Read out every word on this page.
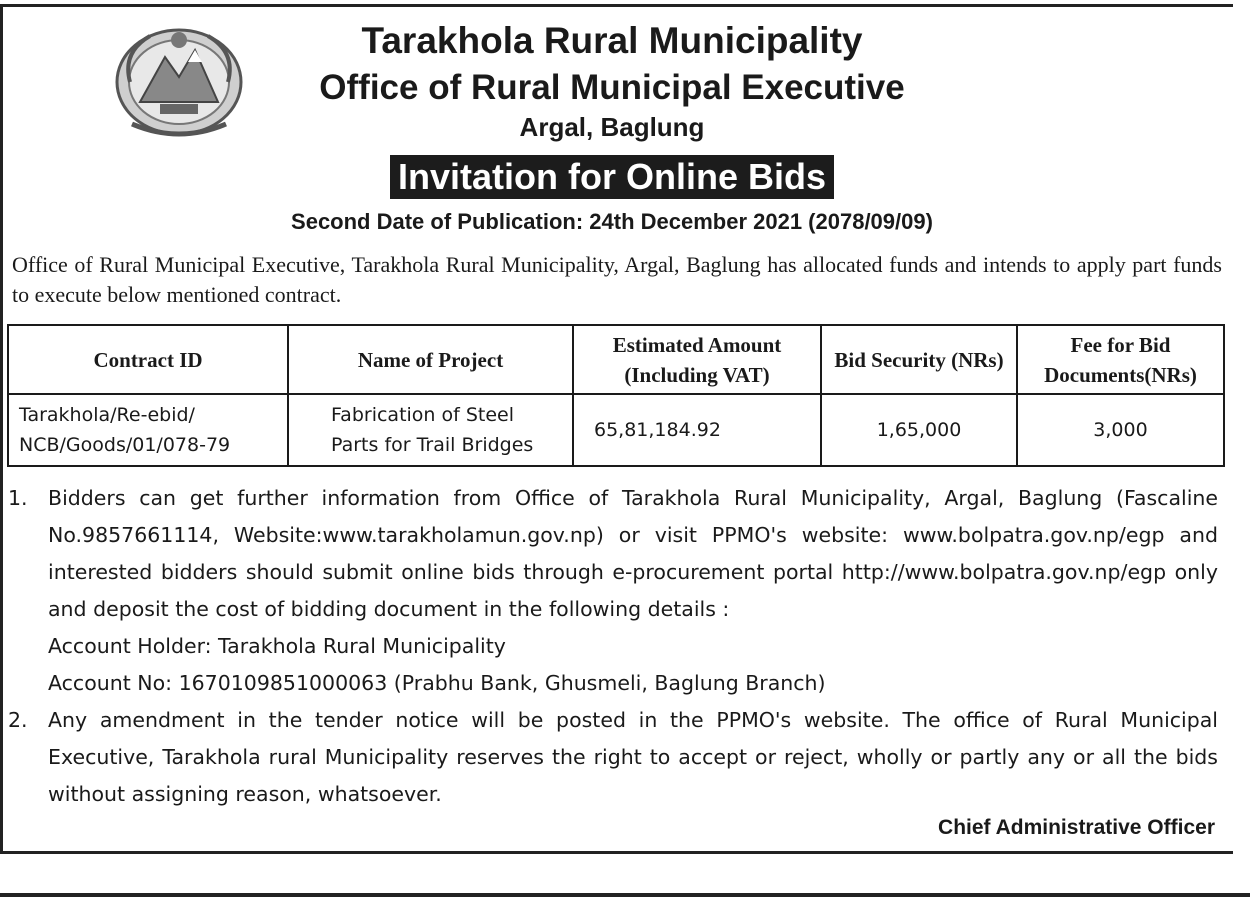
Tarakhola Rural Municipality
Office of Rural Municipal Executive
Argal, Baglung
Invitation for Online Bids
Second Date of Publication: 24th December 2021 (2078/09/09)
Office of Rural Municipal Executive, Tarakhola Rural Municipality, Argal, Baglung has allocated funds and intends to apply part funds to execute below mentioned contract.
Contract ID	Name of Project	Estimated Amount (Including VAT)	Bid Security (NRs)	Fee for Bid Documents(NRs)
Tarakhola/Re-ebid/ NCB/Goods/01/078-79	Fabrication of Steel Parts for Trail Bridges	65,81,184.92	1,65,000	3,000
1. Bidders can get further information from Office of Tarakhola Rural Municipality, Argal, Baglung (Fascaline No.9857661114, Website:www.tarakholamun.gov.np) or visit PPMO's website: www.bolpatra.gov.np/egp and interested bidders should submit online bids through e-procurement portal http://www.bolpatra.gov.np/egp only and deposit the cost of bidding document in the following details :
Account Holder: Tarakhola Rural Municipality
Account No: 1670109851000063 (Prabhu Bank, Ghusmeli, Baglung Branch)
2. Any amendment in the tender notice will be posted in the PPMO's website. The office of Rural Municipal Executive, Tarakhola rural Municipality reserves the right to accept or reject, wholly or partly any or all the bids without assigning reason, whatsoever.
Chief Administrative Officer
